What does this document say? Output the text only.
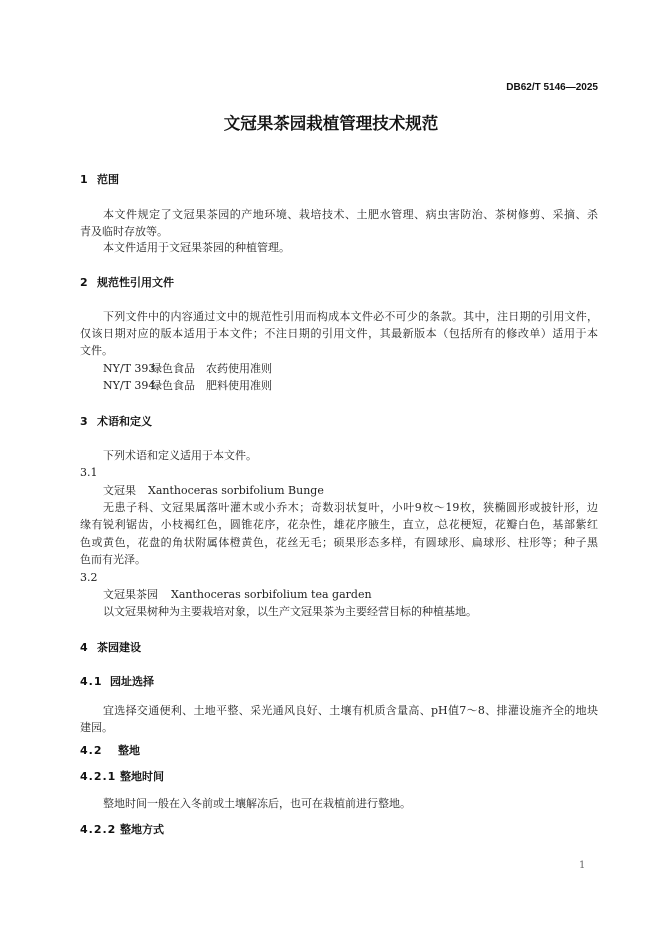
DB62/T 5146—2025
文冠果茶园栽植管理技术规范
1 范围
本文件规定了文冠果茶园的产地环境、栽培技术、土肥水管理、病虫害防治、茶树修剪、采摘、杀
青及临时存放等。
本文件适用于文冠果茶园的种植管理。
2 规范性引用文件
下列文件中的内容通过文中的规范性引用而构成本文件必不可少的条款。其中，注日期的引用文件，
仅该日期对应的版本适用于本文件；不注日期的引用文件，其最新版本（包括所有的修改单）适用于本
文件。
NY/T 393
绿色食品 农药使用准则
NY/T 394
绿色食品 肥料使用准则
3 术语和定义
下列术语和定义适用于本文件。
3.1
文冠果 Xanthoceras sorbifolium Bunge
无患子科、文冠果属落叶灌木或小乔木；奇数羽状复叶，小叶9枚～19枚，狭椭圆形或披针形，边
缘有锐利锯齿，小枝褐红色，圆锥花序，花杂性，雄花序腋生，直立，总花梗短，花瓣白色，基部紫红
色或黄色，花盘的角状附属体橙黄色，花丝无毛；硕果形态多样，有圆球形、扁球形、柱形等；种子黑
色而有光泽。
3.2
文冠果茶园 Xanthoceras sorbifolium tea garden
以文冠果树种为主要栽培对象，以生产文冠果茶为主要经营目标的种植基地。
4 茶园建设
4.1 园址选择
宜选择交通便利、土地平整、采光通风良好、土壤有机质含量高、pH值7～8、排灌设施齐全的地块
建园。
4.2 整地
4.2.1 整地时间
整地时间一般在入冬前或土壤解冻后，也可在栽植前进行整地。
4.2.2 整地方式
1
